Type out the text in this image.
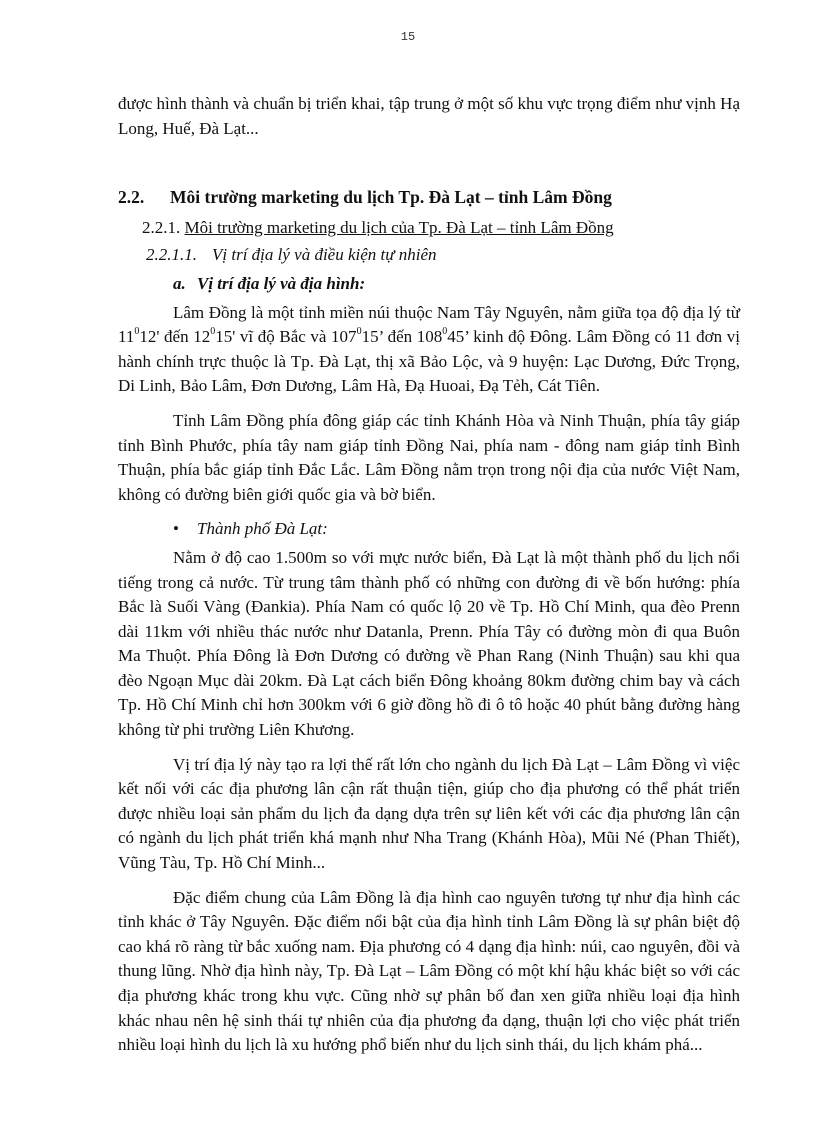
15

được hình thành và chuẩn bị triển khai, tập trung ở một số khu vực trọng điểm như vịnh Hạ Long, Huế, Đà Lạt...

2.2.	Môi trường marketing du lịch Tp. Đà Lạt – tỉnh Lâm Đồng
2.2.1. Môi trường marketing du lịch của Tp. Đà Lạt – tỉnh Lâm Đồng
2.2.1.1. Vị trí địa lý và điều kiện tự nhiên
a. Vị trí địa lý và địa hình:

Lâm Đồng là một tỉnh miền núi thuộc Nam Tây Nguyên, nằm giữa tọa độ địa lý từ $11^012'$ đến $12^015'$ vĩ độ Bắc và $107^015$’ đến $108^045$’ kinh độ Đông. Lâm Đồng có 11 đơn vị hành chính trực thuộc là Tp. Đà Lạt, thị xã Bảo Lộc, và 9 huyện: Lạc Dương, Đức Trọng, Di Linh, Bảo Lâm, Đơn Dương, Lâm Hà, Đạ Huoai, Đạ Tẻh, Cát Tiên.

Tỉnh Lâm Đồng phía đông giáp các tỉnh Khánh Hòa và Ninh Thuận, phía tây giáp tỉnh Bình Phước, phía tây nam giáp tỉnh Đồng Nai, phía nam - đông nam giáp tỉnh Bình Thuận, phía bắc giáp tỉnh Đắc Lắc. Lâm Đồng nằm trọn trong nội địa của nước Việt Nam, không có đường biên giới quốc gia và bờ biển.

• Thành phố Đà Lạt:

Nằm ở độ cao 1.500m so với mực nước biển, Đà Lạt là một thành phố du lịch nổi tiếng trong cả nước. Từ trung tâm thành phố có những con đường đi về bốn hướng: phía Bắc là Suối Vàng (Đankia). Phía Nam có quốc lộ 20 về Tp. Hồ Chí Minh, qua đèo Prenn dài 11km với nhiều thác nước như Datanla, Prenn. Phía Tây có đường mòn đi qua Buôn Ma Thuột. Phía Đông là Đơn Dương có đường về Phan Rang (Ninh Thuận) sau khi qua đèo Ngoạn Mục dài 20km. Đà Lạt cách biển Đông khoảng 80km đường chim bay và cách Tp. Hồ Chí Minh chỉ hơn 300km với 6 giờ đồng hồ đi ô tô hoặc 40 phút bằng đường hàng không từ phi trường Liên Khương.

Vị trí địa lý này tạo ra lợi thế rất lớn cho ngành du lịch Đà Lạt – Lâm Đồng vì việc kết nối với các địa phương lân cận rất thuận tiện, giúp cho địa phương có thể phát triển được nhiều loại sản phẩm du lịch đa dạng dựa trên sự liên kết với các địa phương lân cận có ngành du lịch phát triển khá mạnh như Nha Trang (Khánh Hòa), Mũi Né (Phan Thiết), Vũng Tàu, Tp. Hồ Chí Minh...

Đặc điểm chung của Lâm Đồng là địa hình cao nguyên tương tự như địa hình các tỉnh khác ở Tây Nguyên. Đặc điểm nổi bật của địa hình tỉnh Lâm Đồng là sự phân biệt độ cao khá rõ ràng từ bắc xuống nam. Địa phương có 4 dạng địa hình: núi, cao nguyên, đồi và thung lũng. Nhờ địa hình này, Tp. Đà Lạt – Lâm Đồng có một khí hậu khác biệt so với các địa phương khác trong khu vực. Cũng nhờ sự phân bố đan xen giữa nhiều loại địa hình khác nhau nên hệ sinh thái tự nhiên của địa phương đa dạng, thuận lợi cho việc phát triển nhiều loại hình du lịch là xu hướng phổ biến như du lịch sinh thái, du lịch khám phá...
